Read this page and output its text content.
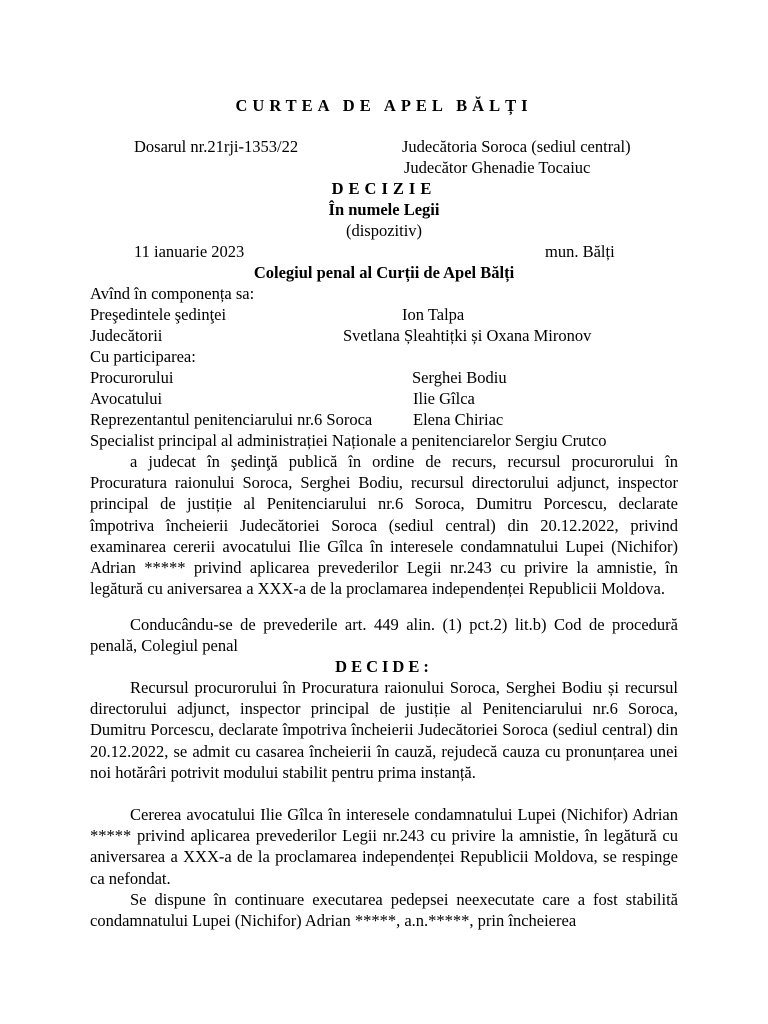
CURTEA DE APEL BĂLȚI
Dosarul nr.21rji-1353/22	Judecătoria Soroca (sediul central)
Judecător Ghenadie Tocaiuc
DECIZIE
În numele Legii
(dispozitiv)
11 ianuarie 2023	mun. Bălți
Colegiul penal al Curții de Apel Bălți
Avînd în componența sa:
Preşedintele şedinţei	Ion Talpa
Judecătorii	Svetlana Șleahtițki și Oxana Mironov
Cu participarea:
Procurorului	Serghei Bodiu
Avocatului	Ilie Gîlca
Reprezentantul penitenciarului nr.6 Soroca Elena Chiriac
Specialist principal al administrației Naționale a penitenciarelor Sergiu Crutco

a judecat în şedinţă publică în ordine de recurs, recursul procurorului în Procuratura raionului Soroca, Serghei Bodiu, recursul directorului adjunct, inspector principal de justiție al Penitenciarului nr.6 Soroca, Dumitru Porcescu, declarate împotriva încheierii Judecătoriei Soroca (sediul central) din 20.12.2022, privind examinarea cererii avocatului Ilie Gîlca în interesele condamnatului Lupei (Nichifor) Adrian ***** privind aplicarea prevederilor Legii nr.243 cu privire la amnistie, în legătură cu aniversarea a XXX-a de la proclamarea independenței Republicii Moldova.

Conducându-se de prevederile art. 449 alin. (1) pct.2) lit.b) Cod de procedură penală, Colegiul penal

DECIDE:

Recursul procurorului în Procuratura raionului Soroca, Serghei Bodiu și recursul directorului adjunct, inspector principal de justiție al Penitenciarului nr.6 Soroca, Dumitru Porcescu, declarate împotriva încheierii Judecătoriei Soroca (sediul central) din 20.12.2022, se admit cu casarea încheierii în cauză, rejudecă cauza cu pronunțarea unei noi hotărâri potrivit modului stabilit pentru prima instanță.

Cererea avocatului Ilie Gîlca în interesele condamnatului Lupei (Nichifor) Adrian ***** privind aplicarea prevederilor Legii nr.243 cu privire la amnistie, în legătură cu aniversarea a XXX-a de la proclamarea independenței Republicii Moldova, se respinge ca nefondat.

Se dispune în continuare executarea pedepsei neexecutate care a fost stabilită condamnatului Lupei (Nichifor) Adrian *****, a.n.*****, prin încheierea
